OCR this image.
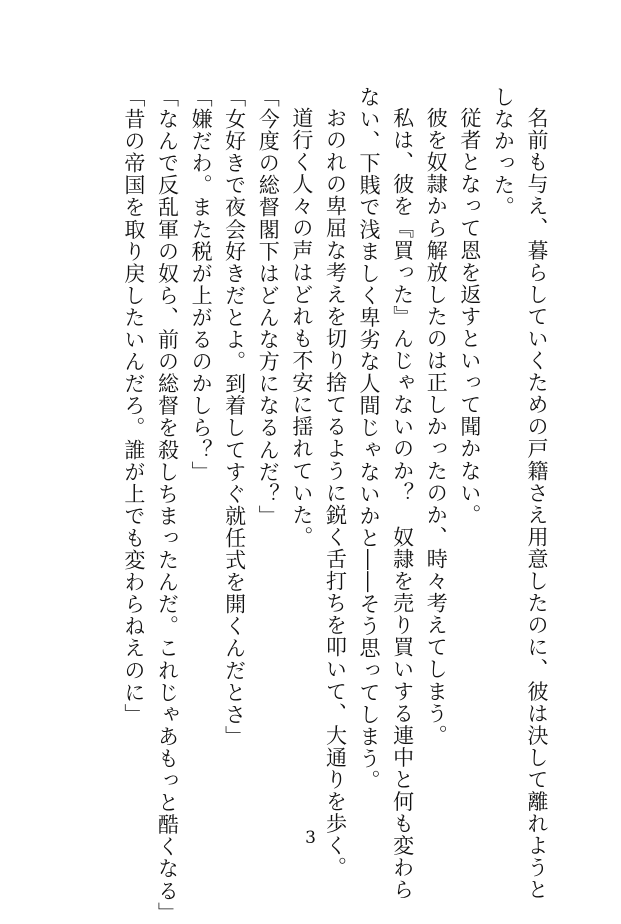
名前も与え、暮らしていくための戸籍さえ用意したのに、彼は決して離れようと

しなかった。

従者となって恩を返すといって聞かない。

彼を奴隷から解放したのは正しかったのか、時々考えてしまう。

私は、彼を『買った』んじゃないのか？　奴隷を売り買いする連中と何も変わら

ない、下賎で浅ましく卑劣な人間じゃないかと――そう思ってしまう。

おのれの卑屈な考えを切り捨てるように鋭く舌打ちを叩いて、大通りを歩く。

道行く人々の声はどれも不安に揺れていた。

「今度の総督閣下はどんな方になるんだ？」

「女好きで夜会好きだとよ。到着してすぐ就任式を開くんだとさ」

「嫌だわ。また税が上がるのかしら？」

「なんで反乱軍の奴ら、前の総督を殺しちまったんだ。これじゃあもっと酷くなる」

「昔の帝国を取り戻したいんだろ。誰が上でも変わらねえのに」

3
